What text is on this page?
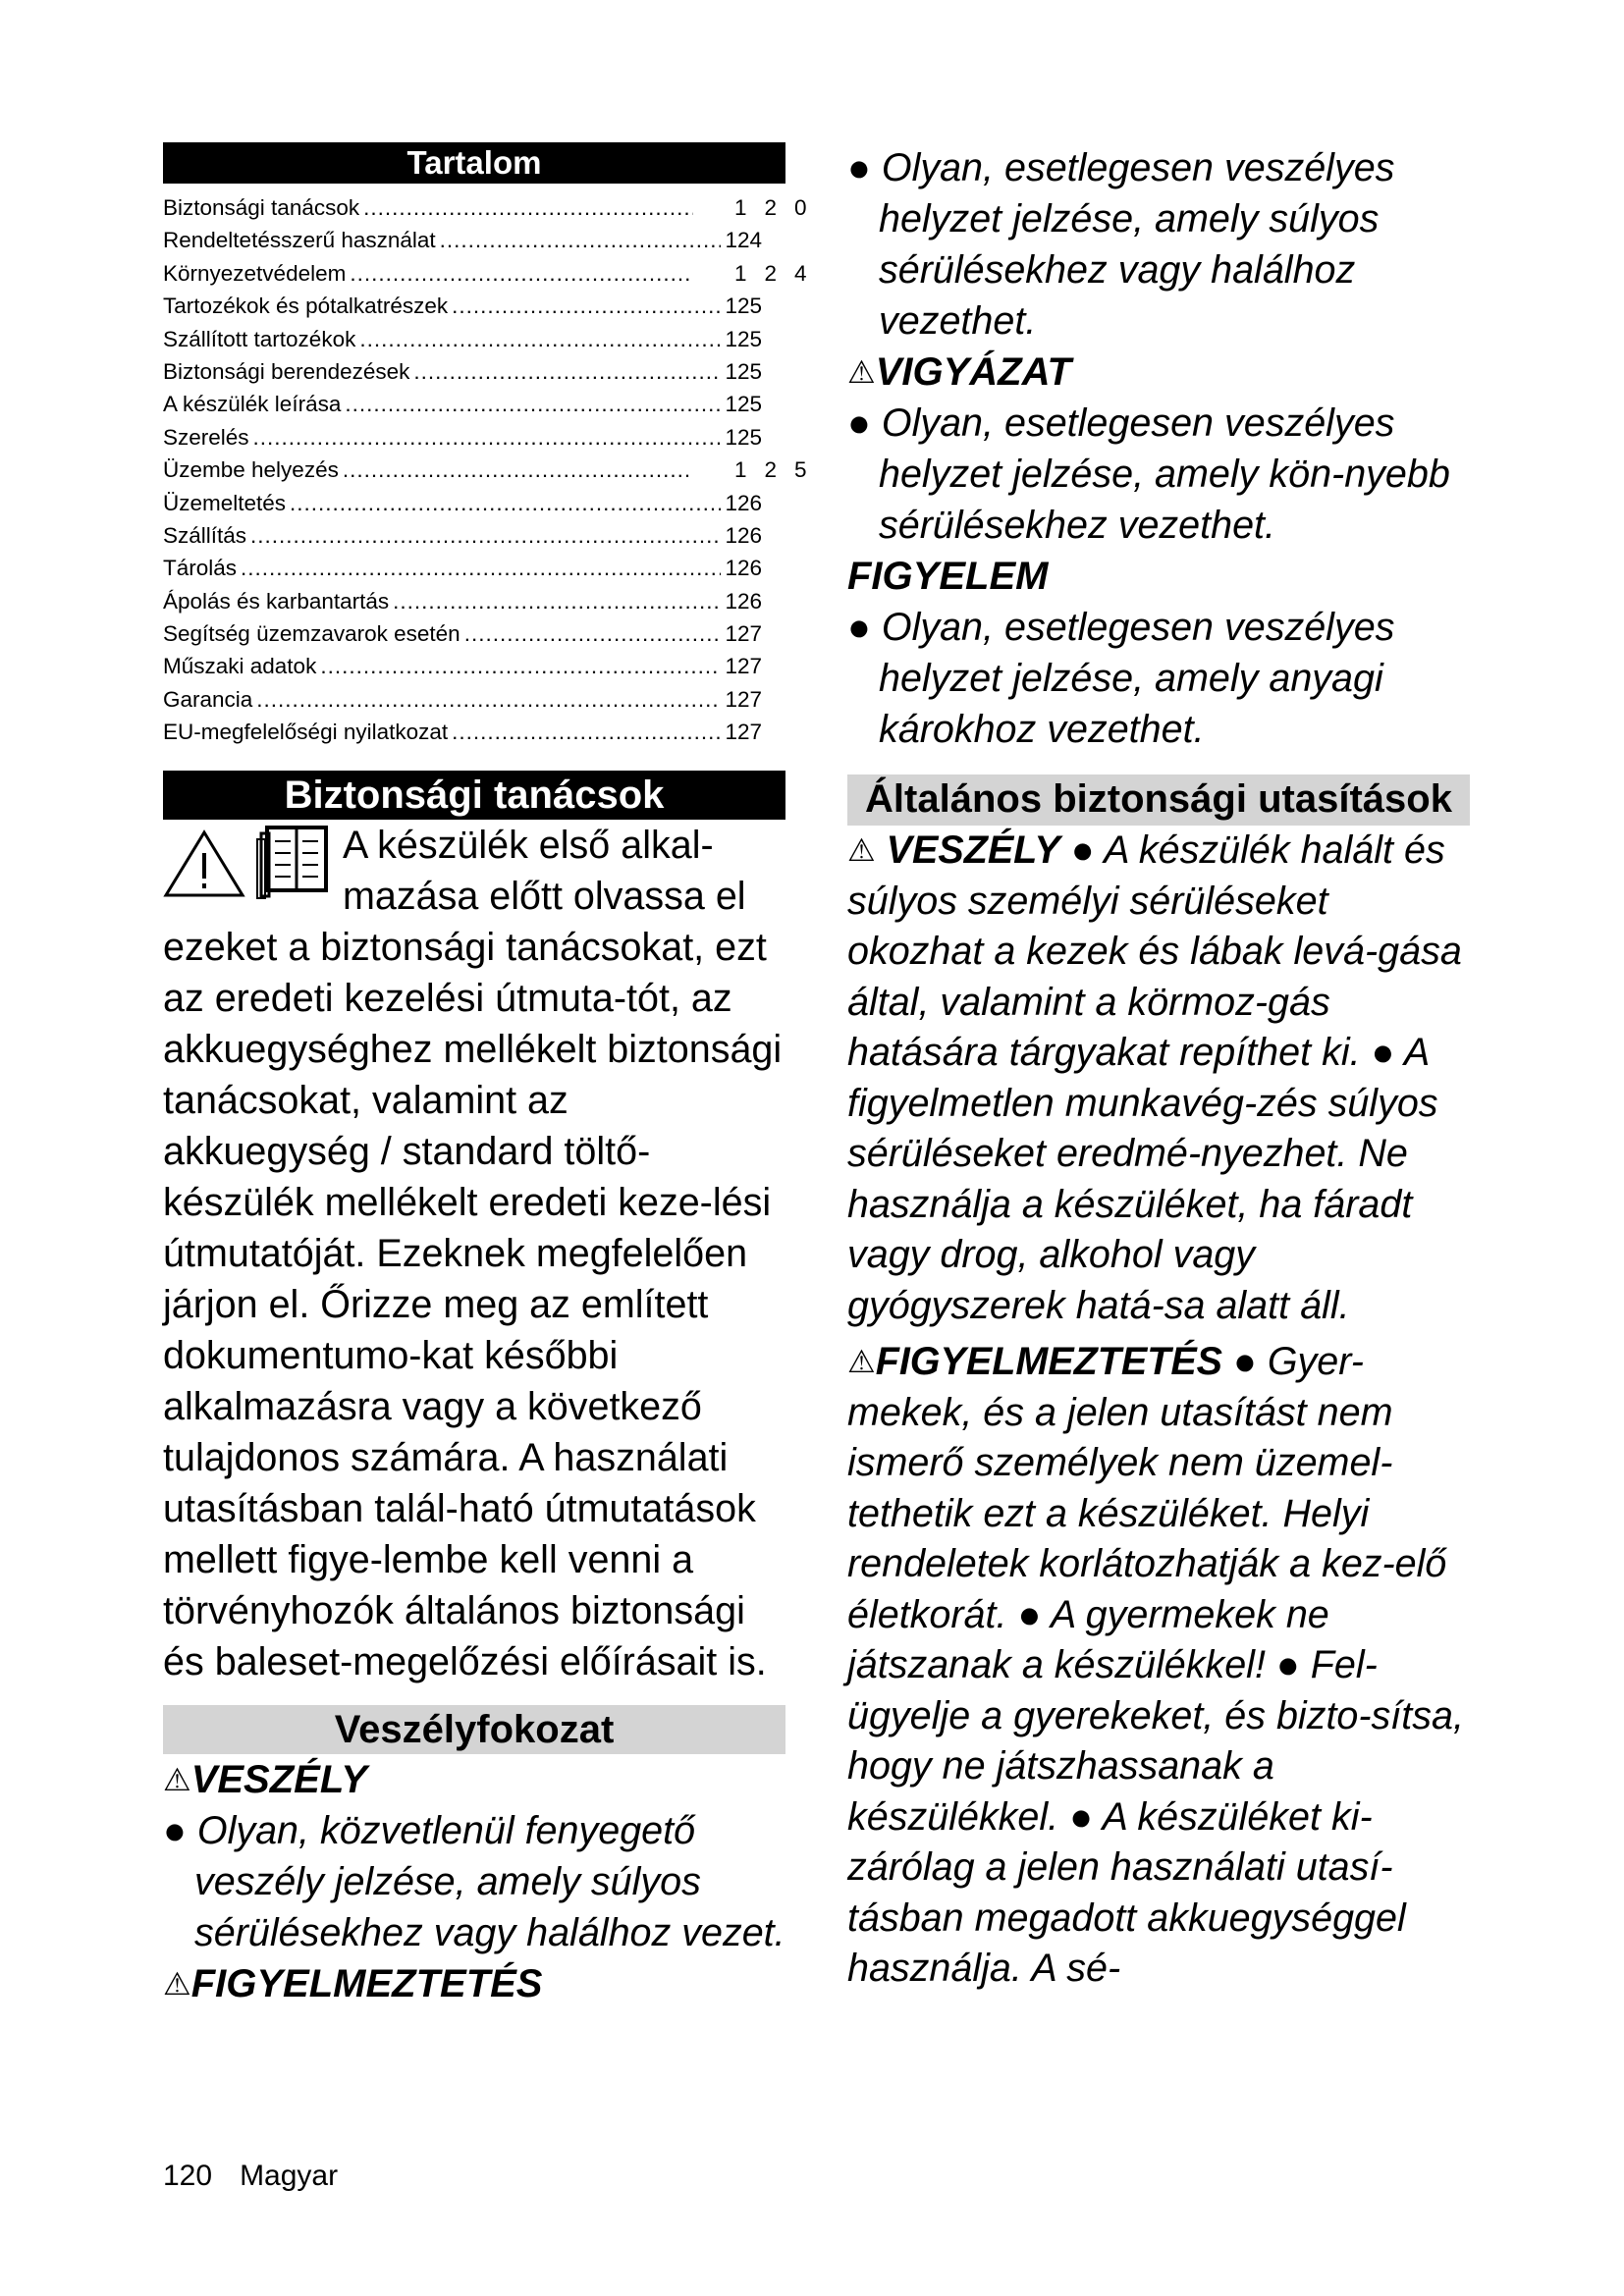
Tartalom
Biztonsági tanácsok .....	120
Rendeltetésszerű használat .....	124
Környezetvédelem .....	124
Tartozékok és pótalkatrészek .....	125
Szállított tartozékok .....	125
Biztonsági berendezések .....	125
A készülék leírása .....	125
Szerelés .....	125
Üzembe helyezés .....	125
Üzemeltetés .....	126
Szállítás .....	126
Tárolás .....	126
Ápolás és karbantartás .....	126
Segítség üzemzavarok esetén .....	127
Műszaki adatok .....	127
Garancia .....	127
EU-megfelelőségi nyilatkozat .....	127
Biztonsági tanácsok
A készülék első alkal-
mazása előtt olvassa el

ezeket a biztonsági tanácsokat, ezt az eredeti kezelési útmuta-tót, az akkuegységhez mellékelt biztonsági tanácsokat, valamint az akkuegység / standard töltő-készülék mellékelt eredeti keze-lési útmutatóját. Ezeknek megfelelően járjon el. Őrizze meg az említett dokumentumo-kat későbbi alkalmazásra vagy a következő tulajdonos számára. A használati utasításban talál-ható útmutatások mellett figye-lembe kell venni a törvényhozók általános biztonsági és baleset-megelőzési előírásait is.

Veszélyfokozat
⚠VESZÉLY

● Olyan, közvetlenül fenyegető veszély jelzése, amely súlyos sérülésekhez vagy halálhoz vezet.

⚠FIGYELMEZTETÉS

● Olyan, esetlegesen veszélyes helyzet jelzése, amely súlyos sérülésekhez vagy halálhoz vezethet.

⚠VIGYÁZAT

● Olyan, esetlegesen veszélyes helyzet jelzése, amely kön-nyebb sérülésekhez vezethet.

FIGYELEM

● Olyan, esetlegesen veszélyes helyzet jelzése, amely anyagi károkhoz vezethet.

Általános biztonsági utasítások

⚠ VESZÉLY ● A készülék halált és súlyos személyi sérüléseket okozhat a kezek és lábak levá-gása által, valamint a körmoz-gás hatására tárgyakat repíthet ki. ● A figyelmetlen munkavég-zés súlyos sérüléseket eredmé-nyezhet. Ne használja a készüléket, ha fáradt vagy drog, alkohol vagy gyógyszerek hatá-sa alatt áll.

⚠FIGYELMEZTETÉS ● Gyer-mekek, és a jelen utasítást nem ismerő személyek nem üzemel-tethetik ezt a készüléket. Helyi rendeletek korlátozhatják a kez-elő életkorát. ● A gyermekek ne játszanak a készülékkel! ● Fel-ügyelje a gyerekeket, és bizto-sítsa, hogy ne játszhassanak a készülékkel. ● A készüléket ki-zárólag a jelen használati utasí-tásban megadott akkuegységgel használja. A sé-

120 Magyar
